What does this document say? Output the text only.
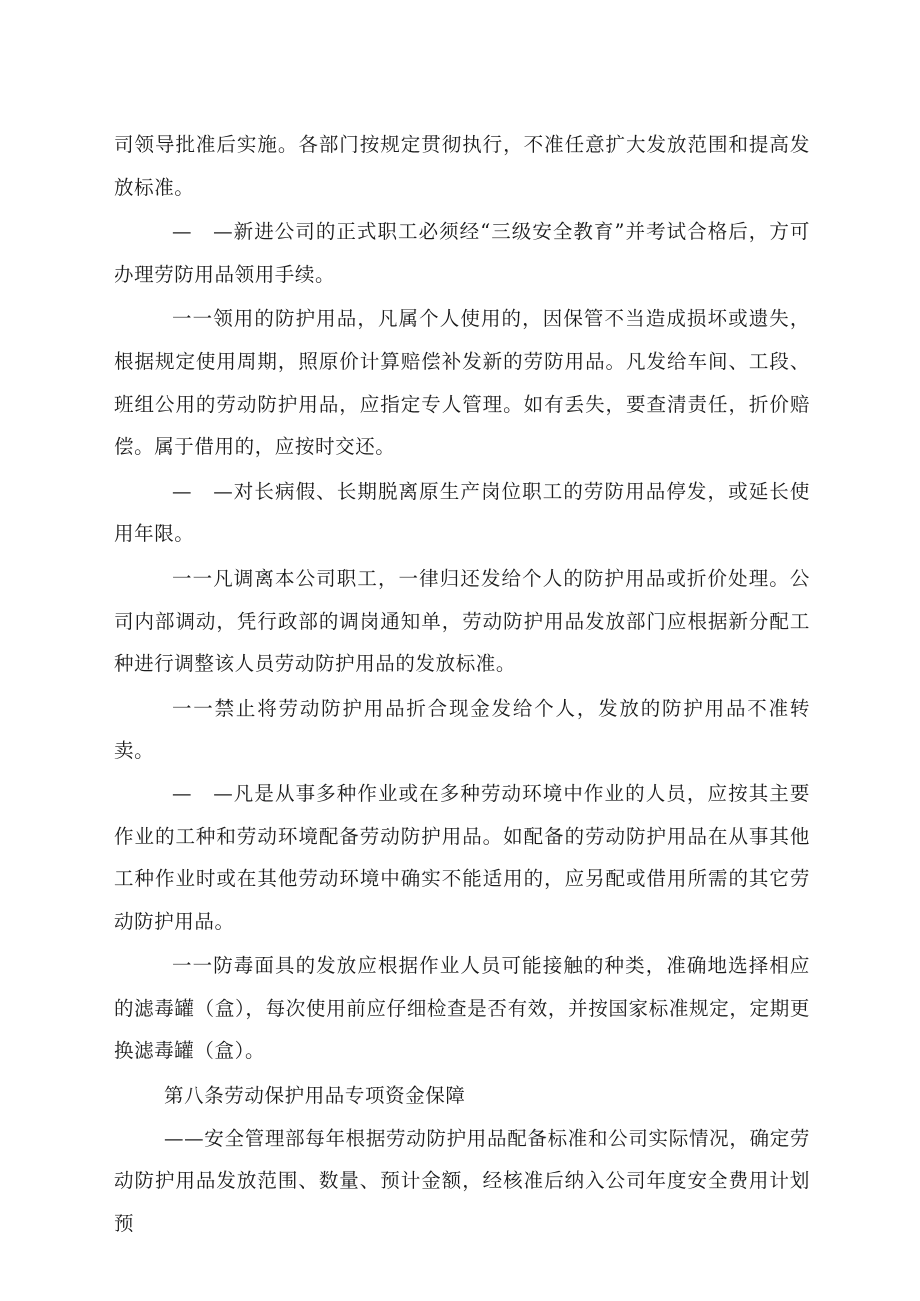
司领导批准后实施。各部门按规定贯彻执行，不准任意扩大发放范围和提高发放标准。

—　—新进公司的正式职工必须经“三级安全教育”并考试合格后，方可办理劳防用品领用手续。

一一领用的防护用品，凡属个人使用的，因保管不当造成损坏或遗失，根据规定使用周期，照原价计算赔偿补发新的劳防用品。凡发给车间、工段、班组公用的劳动防护用品，应指定专人管理。如有丢失，要查清责任，折价赔偿。属于借用的，应按时交还。

—　—对长病假、长期脱离原生产岗位职工的劳防用品停发，或延长使用年限。

一一凡调离本公司职工，一律归还发给个人的防护用品或折价处理。公司内部调动，凭行政部的调岗通知单，劳动防护用品发放部门应根据新分配工种进行调整该人员劳动防护用品的发放标准。

一一禁止将劳动防护用品折合现金发给个人，发放的防护用品不准转卖。

—　—凡是从事多种作业或在多种劳动环境中作业的人员，应按其主要作业的工种和劳动环境配备劳动防护用品。如配备的劳动防护用品在从事其他工种作业时或在其他劳动环境中确实不能适用的，应另配或借用所需的其它劳动防护用品。

一一防毒面具的发放应根据作业人员可能接触的种类，准确地选择相应的滤毒罐（盒），每次使用前应仔细检查是否有效，并按国家标准规定，定期更换滤毒罐（盒）。

第八条劳动保护用品专项资金保障

——安全管理部每年根据劳动防护用品配备标准和公司实际情况，确定劳动防护用品发放范围、数量、预计金额，经核准后纳入公司年度安全费用计划预
